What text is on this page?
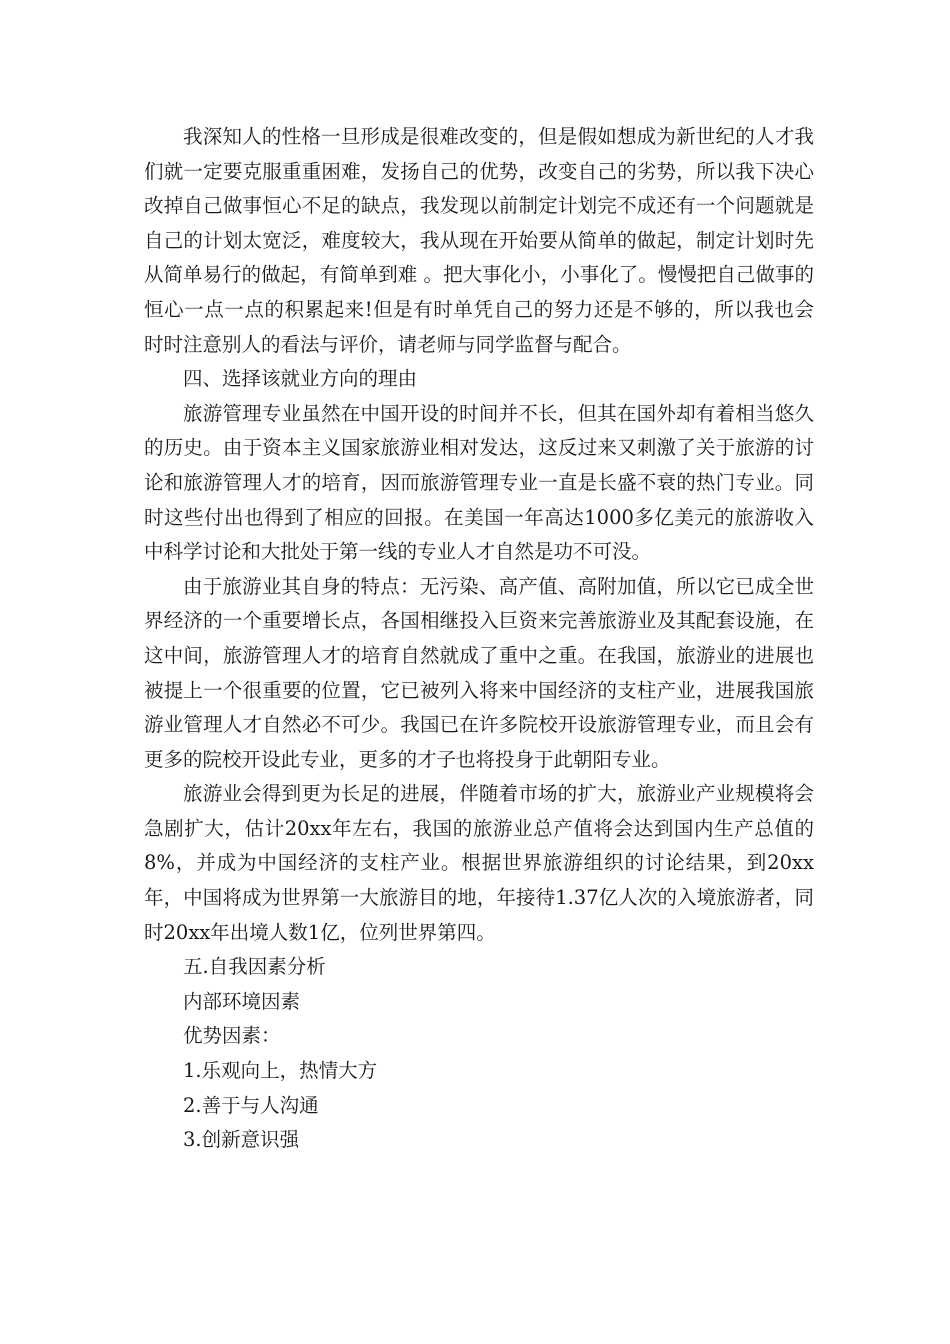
我深知人的性格一旦形成是很难改变的，但是假如想成为新世纪的人才我们就一定要克服重重困难，发扬自己的优势，改变自己的劣势，所以我下决心改掉自己做事恒心不足的缺点，我发现以前制定计划完不成还有一个问题就是自己的计划太宽泛，难度较大，我从现在开始要从简单的做起，制定计划时先从简单易行的做起，有简单到难 。把大事化小，小事化了。慢慢把自己做事的恒心一点一点的积累起来!但是有时单凭自己的努力还是不够的，所以我也会时时注意别人的看法与评价，请老师与同学监督与配合。

四、选择该就业方向的理由

旅游管理专业虽然在中国开设的时间并不长，但其在国外却有着相当悠久的历史。由于资本主义国家旅游业相对发达，这反过来又刺激了关于旅游的讨论和旅游管理人才的培育，因而旅游管理专业一直是长盛不衰的热门专业。同时这些付出也得到了相应的回报。在美国一年高达1000多亿美元的旅游收入中科学讨论和大批处于第一线的专业人才自然是功不可没。

由于旅游业其自身的特点：无污染、高产值、高附加值，所以它已成全世界经济的一个重要增长点，各国相继投入巨资来完善旅游业及其配套设施，在这中间，旅游管理人才的培育自然就成了重中之重。在我国，旅游业的进展也被提上一个很重要的位置，它已被列入将来中国经济的支柱产业，进展我国旅游业管理人才自然必不可少。我国已在许多院校开设旅游管理专业，而且会有更多的院校开设此专业，更多的才子也将投身于此朝阳专业。

旅游业会得到更为长足的进展，伴随着市场的扩大，旅游业产业规模将会急剧扩大，估计20xx年左右，我国的旅游业总产值将会达到国内生产总值的8%，并成为中国经济的支柱产业。根据世界旅游组织的讨论结果，到20xx年，中国将成为世界第一大旅游目的地，年接待1.37亿人次的入境旅游者，同时20xx年出境人数1亿，位列世界第四。

五.自我因素分析

内部环境因素

优势因素：

1.乐观向上，热情大方

2.善于与人沟通

3.创新意识强
